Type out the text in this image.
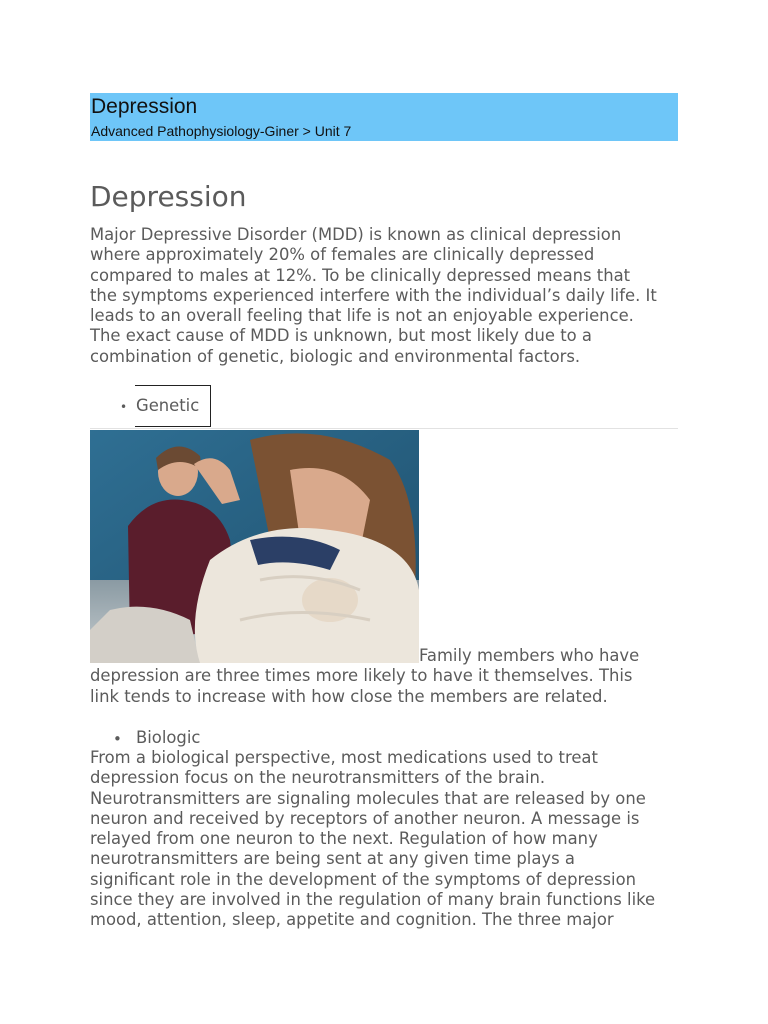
Depression
Advanced Pathophysiology-Giner > Unit 7
Depression
Major Depressive Disorder (MDD) is known as clinical depression
where approximately 20% of females are clinically depressed
compared to males at 12%. To be clinically depressed means that
the symptoms experienced interfere with the individual’s daily life. It
leads to an overall feeling that life is not an enjoyable experience.
The exact cause of MDD is unknown, but most likely due to a
combination of genetic, biologic and environmental factors.
• Genetic
Family members who have
depression are three times more likely to have it themselves. This
link tends to increase with how close the members are related.
• Biologic
From a biological perspective, most medications used to treat
depression focus on the neurotransmitters of the brain.
Neurotransmitters are signaling molecules that are released by one
neuron and received by receptors of another neuron. A message is
relayed from one neuron to the next. Regulation of how many
neurotransmitters are being sent at any given time plays a
significant role in the development of the symptoms of depression
since they are involved in the regulation of many brain functions like
mood, attention, sleep, appetite and cognition. The three major
